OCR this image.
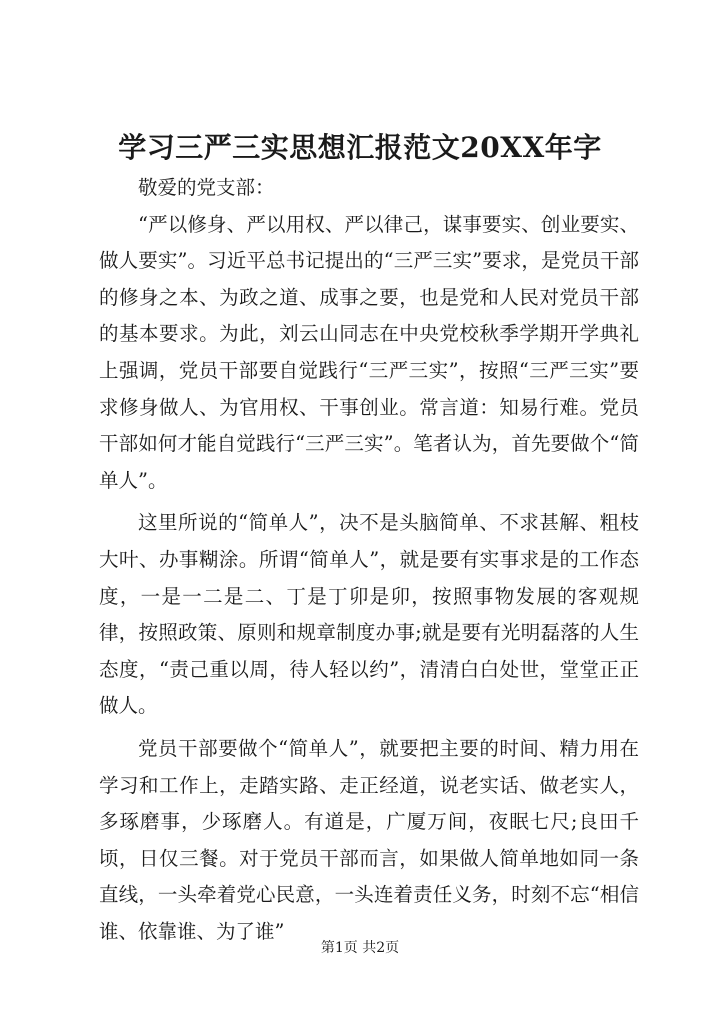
学习三严三实思想汇报范文20XX年字

敬爱的党支部：

“严以修身、严以用权、严以律己，谋事要实、创业要实、做人要实”。习近平总书记提出的“三严三实”要求，是党员干部的修身之本、为政之道、成事之要，也是党和人民对党员干部的基本要求。为此，刘云山同志在中央党校秋季学期开学典礼上强调，党员干部要自觉践行“三严三实”，按照“三严三实”要求修身做人、为官用权、干事创业。常言道：知易行难。党员干部如何才能自觉践行“三严三实”。笔者认为，首先要做个“简单人”。

这里所说的“简单人”，决不是头脑简单、不求甚解、粗枝大叶、办事糊涂。所谓“简单人”，就是要有实事求是的工作态度，一是一二是二、丁是丁卯是卯，按照事物发展的客观规律，按照政策、原则和规章制度办事;就是要有光明磊落的人生态度，“责己重以周，待人轻以约”，清清白白处世，堂堂正正做人。

党员干部要做个“简单人”，就要把主要的时间、精力用在学习和工作上，走踏实路、走正经道，说老实话、做老实人，多琢磨事，少琢磨人。有道是，广厦万间，夜眠七尺;良田千顷，日仅三餐。对于党员干部而言，如果做人简单地如同一条直线，一头牵着党心民意，一头连着责任义务，时刻不忘“相信谁、依靠谁、为了谁”

第1页 共2页
